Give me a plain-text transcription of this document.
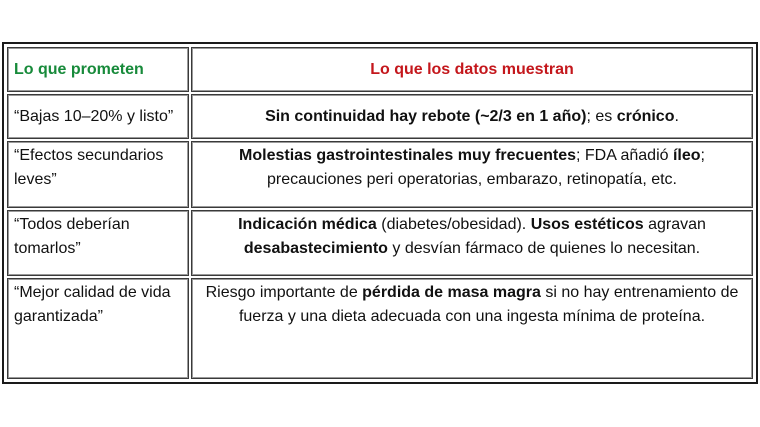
Lo que prometen	Lo que los datos muestran
“Bajas 10–20% y listo”	Sin continuidad hay rebote (~2/3 en 1 año); es crónico.
“Efectos secundarios leves”	Molestias gastrointestinales muy frecuentes; FDA añadió íleo; precauciones peri operatorias, embarazo, retinopatía, etc.
“Todos deberían tomarlos”	Indicación médica (diabetes/obesidad). Usos estéticos agravan desabastecimiento y desvían fármaco de quienes lo necesitan.
“Mejor calidad de vida garantizada”	Riesgo importante de pérdida de masa magra si no hay entrenamiento de fuerza y una dieta adecuada con una ingesta mínima de proteína.
